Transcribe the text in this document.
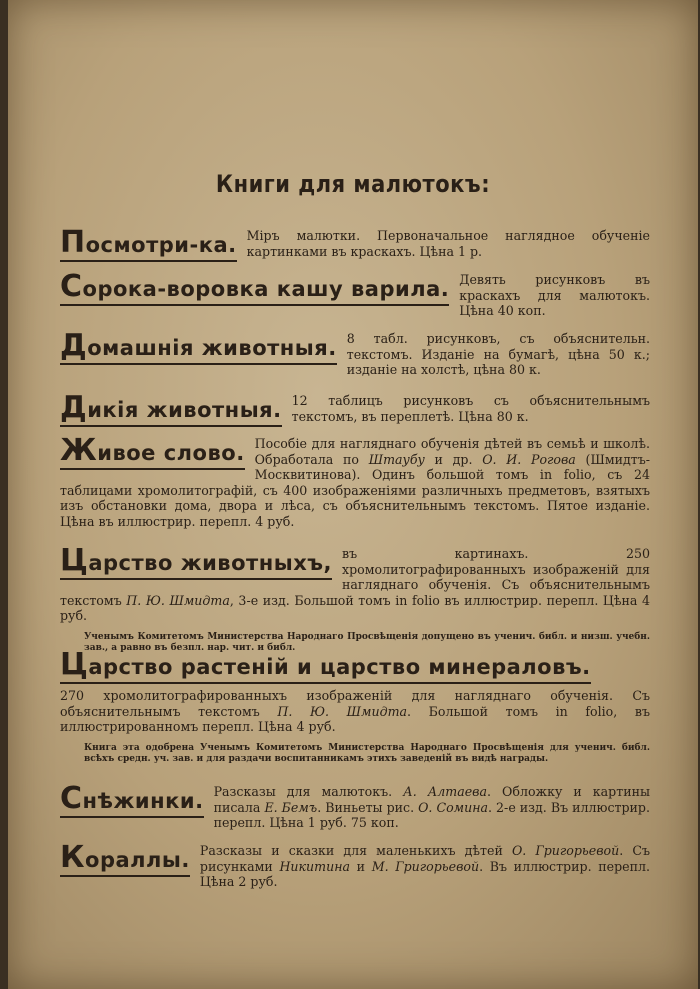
Книги для малютокъ:
Посмотри-ка. Міръ малютки. Первоначальное наглядное обученіе картинками въ краскахъ. Цѣна 1 р.
Сорока-воровка кашу варила. Девять рисунковъ въ краскахъ для малютокъ. Цѣна 40 коп.
Домашнія животныя. 8 табл. рисунковъ, съ объяснительн. текстомъ. Изданіе на бумагѣ, цѣна 50 к.; изданіе на холстѣ, цѣна 80 к.
Дикія животныя. 12 таблицъ рисунковъ съ объяснительнымъ текстомъ, въ переплетѣ. Цѣна 80 к.
Живое слово. Пособіе для нагляднаго обученія дѣтей въ семьѣ и школѣ. Обработала по Штаубу и др. О. И. Роговa (Шмидтъ-Москвитинова). Одинъ большой томъ in folio, съ 24 таблицами хромолитографій, съ 400 изображеніями различныхъ предметовъ, взятыхъ изъ обстановки дома, двора и лѣса, съ объяснительнымъ текстомъ. Пятое изданіе. Цѣна въ иллюстрир. перепл. 4 руб.
Царство животныхъ, въ картинахъ. 250 хромолитографированныхъ изображеній для нагляднаго обученія. Съ объяснительнымъ текстомъ П. Ю. Шмидта, 3-е изд. Большой томъ in folio въ иллюстрир. перепл. Цѣна 4 руб.
Ученымъ Комитетомъ Министерства Народнаго Просвѣщенія допущено въ ученич. библ. и низш. учебн. зав., а равно въ безпл. нар. чит. и библ.
Царство растеній и царство минераловъ.
270 хромолитографированныхъ изображеній для нагляднаго обученія. Съ объяснительнымъ текстомъ П. Ю. Шмидта. Большой томъ in folio, въ иллюстрированномъ перепл. Цѣна 4 руб.
Книга эта одобрена Ученымъ Комитетомъ Министерства Народнаго Просвѣщенія для ученич. библ. всѣхъ средн. уч. зав. и для раздачи воспитанникамъ этихъ заведеній въ видѣ награды.
Снѣжинки. Разсказы для малютокъ. А. Алтаева. Обложку и картины писала Е. Бемъ. Виньеты рис. О. Сомина. 2-е изд. Въ иллюстрир. перепл. Цѣна 1 руб. 75 коп.
Кораллы. Разсказы и сказки для маленькихъ дѣтей О. Григорьевой. Съ рисунками Никитина и М. Григорьевой. Въ иллюстрир. перепл. Цѣна 2 руб.
